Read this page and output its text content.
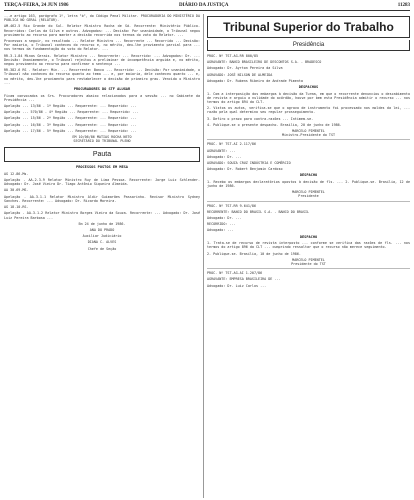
TERÇA-FEIRA, 24 JUN 1986	DIÁRIO DA JUSTIÇA	11283
...e artigo 163, parágrafo 1º, letra "b", do Código Penal Militar. PROCURADORIA DO MINISTÉRIO DA PÚBLICA NO GERAL (RELATOR).
AM-462.5 Rio Grande do Sul. Relator Ministro Rocha de Sá. Recorrente: Ministério Público. Recorridos: Carlos da Silva e outros. Advogados: ... Decisão: Por unanimidade, o Tribunal negou provimento ao recurso para manter a decisão recorrida nos termos do voto do Relator. ...
Processos a seguir, no resultado ... Relator Ministro ... Recorrente ... Recorrido ... Decisão: Por maioria, o Tribunal conheceu do recurso e, no mérito, deu-lhe provimento parcial para ... nos termos da fundamentação do voto do Relator. ...
RR-3.1-84 Minas Gerais. Relator Ministro ... Recorrente: ... Recorrido: ... Advogados: Dr. ... Decisão: Unanimemente, o Tribunal rejeitou a preliminar de incompetência arguida e, no mérito, negou provimento ao recurso para confirmar a sentença ...
RR-382.6 RS - Relator: Min. ... Recorrente: Banco ... Recorrido: ... Decisão: Por unanimidade, o Tribunal não conheceu do recurso quanto ao tema ... e, por maioria, dele conheceu quanto ... e, no mérito, deu-lhe provimento para restabelecer a decisão de primeiro grau. Vencido o Ministro ...
PROCURADORES DO STF ALUGAR
Ficam convocados os Srs. Procuradores abaixo relacionados para a sessão ... no Gabinete da Presidência ...
Apelação ... 13/86 - 1ª Região ... Requerente: ... Requerido: ...
Apelação ... 570/86 - 4ª Região ... Requerente: ... Requerido: ...
Apelação ... 15/86 - 2ª Região ... Requerente: ... Requerido: ...
Apelação ... 16/86 - 3ª Região ... Requerente: ... Requerido: ...
Apelação ... 17/86 - 5ª Região ... Requerente: ... Requerido: ...
EM 10/06/86 MATIAS ROCHA NETO
SECRETÁRIO DO TRIBUNAL PLENO
Pauta
PROCESSOS POSTOS EM MESA
AG 12.86-Ms.
Apelação - AA-2.3-9 Relator Ministro Ruy de Lima Pessoa. Recorrente: Jorge Luiz Schlender. Advogado: Dr. José Vieira Dr. Tiago Antônio Siqueira Almeida.
AA 30.69-MS.
Apelação - AA-3.1-1 Relator Ministro Aldir Guimarães Passarinho. Revisor Ministro Sydney Sanches. Recorrente: ... Advogado: Dr. Ricardo Moreira.
AG 18.10-RS.
Apelação - AA-3.1-2 Relator Ministro Borges Vieira da Souza. Recorrente: ... Advogado: Dr. José Luiz Pereira Barbosa ...
Em 24 de junho de 1986.
ANA DO PRADO
Auxiliar Judiciário
DIANA C. ALVES
Chefe de Seção
Tribunal Superior do Trabalho
Presidência
PROC. Nº TST-AG-RR 800/85
AGRAVANTE: BANCO BRASILEIRO DE DESCONTOS S.A. - BRADESCO
Advogado: Dr. Ayrton Pereira da Silva
AGRAVADO: JOSÉ NILSON DE ALMEIDA
Advogado: Dr. Rubens Ribeiro de Andrade Pimenta
DESPACHOS
1. Com a interposição dos embargos à decisão da Turma, em que o recorrente denunciou o descabimento de revista e arguiu a nulidade do acórdão, houve por bem esta Presidência admitir o recurso ... nos termos do artigo 894 da CLT.
2. Vistos os autos, verifica-se que o agravo de instrumento foi processado nos moldes da lei, ... razão pela qual determino seu regular prosseguimento.
3. Defiro o prazo para contra-razões ... Intimem-se.
4. Publique-se o presente despacho. Brasília, 20 de junho de 1986.
MARCELO PIMENTEL
Ministro-Presidente do TST
PROC. Nº TST-AI 2.117/86
AGRAVANTE: ...
Advogado: Dr. ...
AGRAVADO: SOUZA CRUZ INDÚSTRIA E COMÉRCIO
Advogado: Dr. Robert Benjamin Cardoso
DESPACHO
1. Recebo os embargos declaratórios opostos à decisão de fls. ... 2. Publique-se. Brasília, 12 de junho de 1986.
MARCELO PIMENTEL
Presidente
PROC. Nº TST-RR 9.641/86
RECORRENTE: BANCO DO BRASIL S.A. - BANCO DO BRASIL
Advogado: Dr. ...
RECORRIDO: ...
Advogado: ...
DESPACHO
1. Trata-se de recurso de revista interposto ... conforme se verifica das razões de fls. ... nos termos do artigo 896 da CLT ... cumprindo ressaltar que o recurso não merece seguimento.
2. Publique-se. Brasília, 10 de junho de 1986.
MARCELO PIMENTEL
Presidente do TST
PROC. Nº TST-AG-AI 1.207/86
AGRAVANTE: EMPRESA BRASILEIRA DE ...
Advogado: Dr. Luiz Carlos ...
